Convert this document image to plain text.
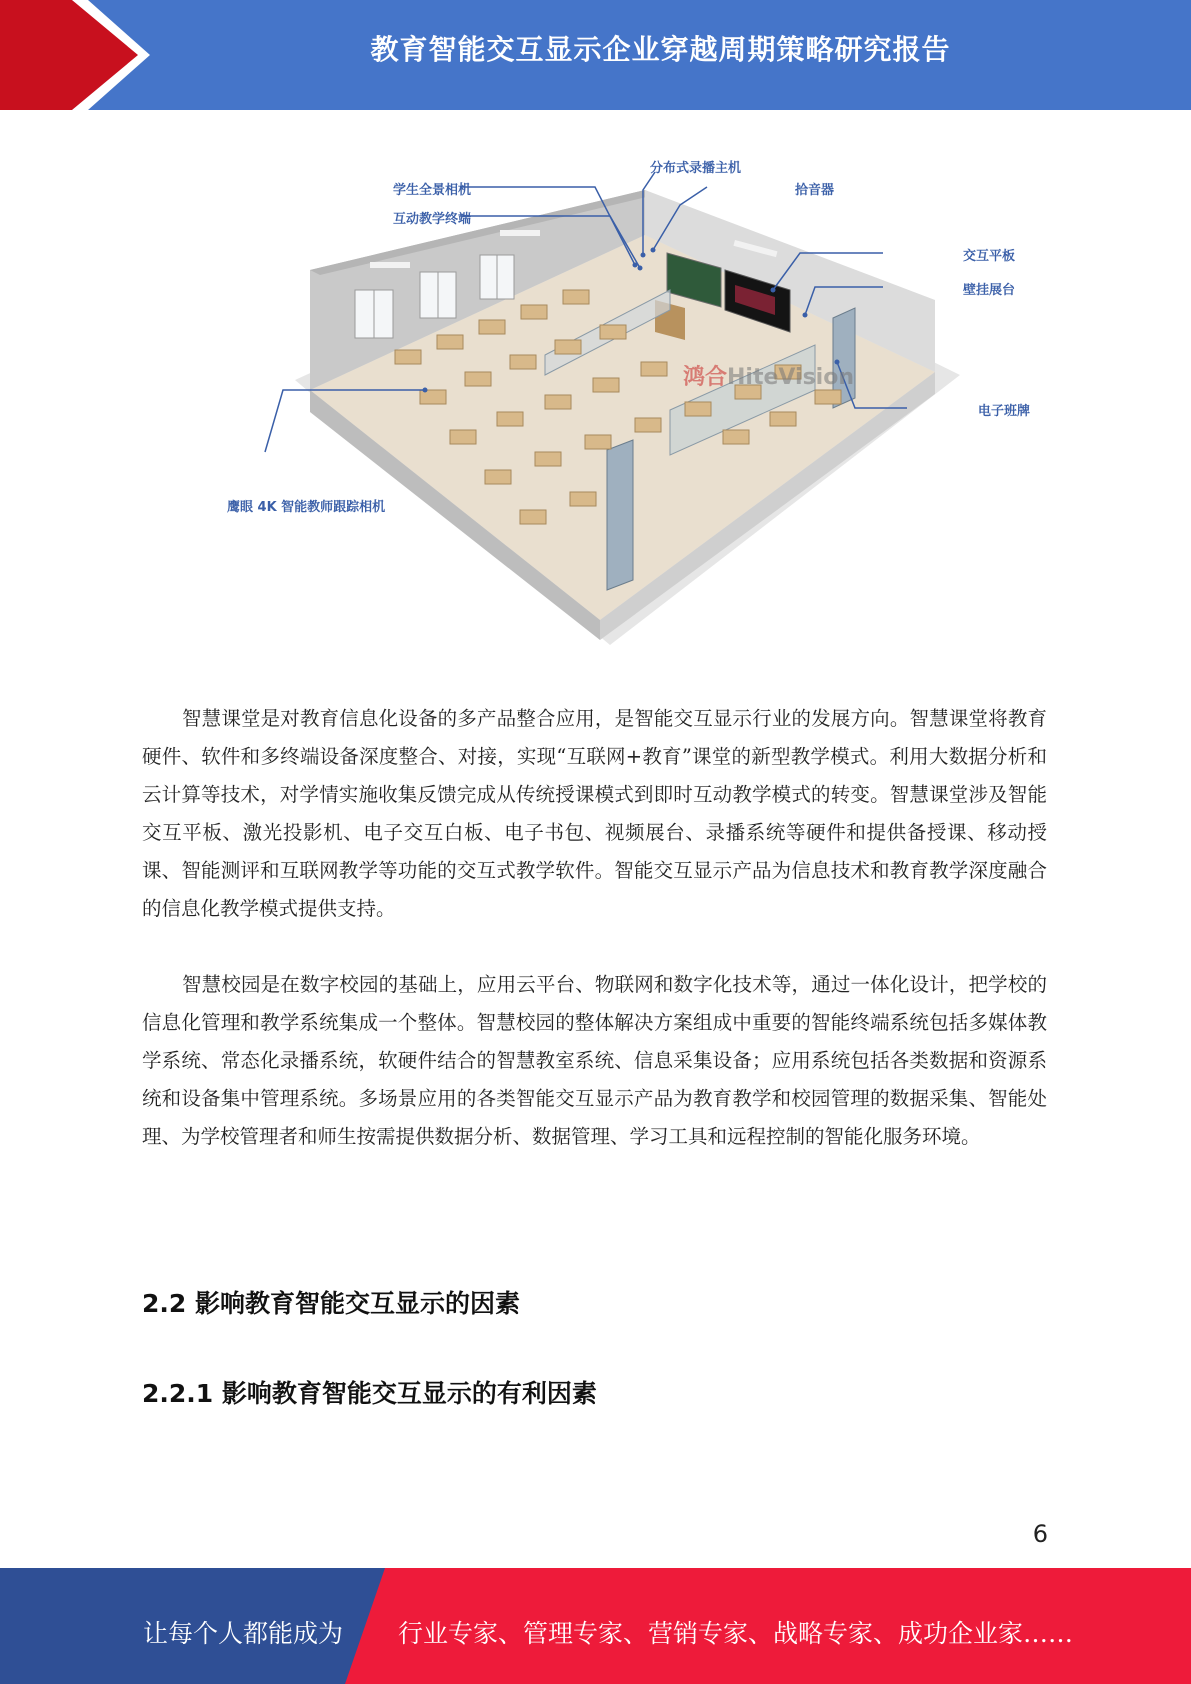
教育智能交互显示企业穿越周期策略研究报告
分布式录播主机
学生全景相机
互动教学终端
拾音器
交互平板
壁挂展台
电子班牌
鹰眼 4K 智能教师跟踪相机
鸿合HiteVision

智慧课堂是对教育信息化设备的多产品整合应用，是智能交互显示行业的发展方向。智慧课堂将教育硬件、软件和多终端设备深度整合、对接，实现“互联网+教育”课堂的新型教学模式。利用大数据分析和云计算等技术，对学情实施收集反馈完成从传统授课模式到即时互动教学模式的转变。智慧课堂涉及智能交互平板、激光投影机、电子交互白板、电子书包、视频展台、录播系统等硬件和提供备授课、移动授课、智能测评和互联网教学等功能的交互式教学软件。智能交互显示产品为信息技术和教育教学深度融合的信息化教学模式提供支持。

智慧校园是在数字校园的基础上，应用云平台、物联网和数字化技术等，通过一体化设计，把学校的信息化管理和教学系统集成一个整体。智慧校园的整体解决方案组成中重要的智能终端系统包括多媒体教学系统、常态化录播系统，软硬件结合的智慧教室系统、信息采集设备；应用系统包括各类数据和资源系统和设备集中管理系统。多场景应用的各类智能交互显示产品为教育教学和校园管理的数据采集、智能处理、为学校管理者和师生按需提供数据分析、数据管理、学习工具和远程控制的智能化服务环境。

2.2 影响教育智能交互显示的因素
2.2.1 影响教育智能交互显示的有利因素
6
让每个人都能成为 行业专家、管理专家、营销专家、战略专家、成功企业家……
